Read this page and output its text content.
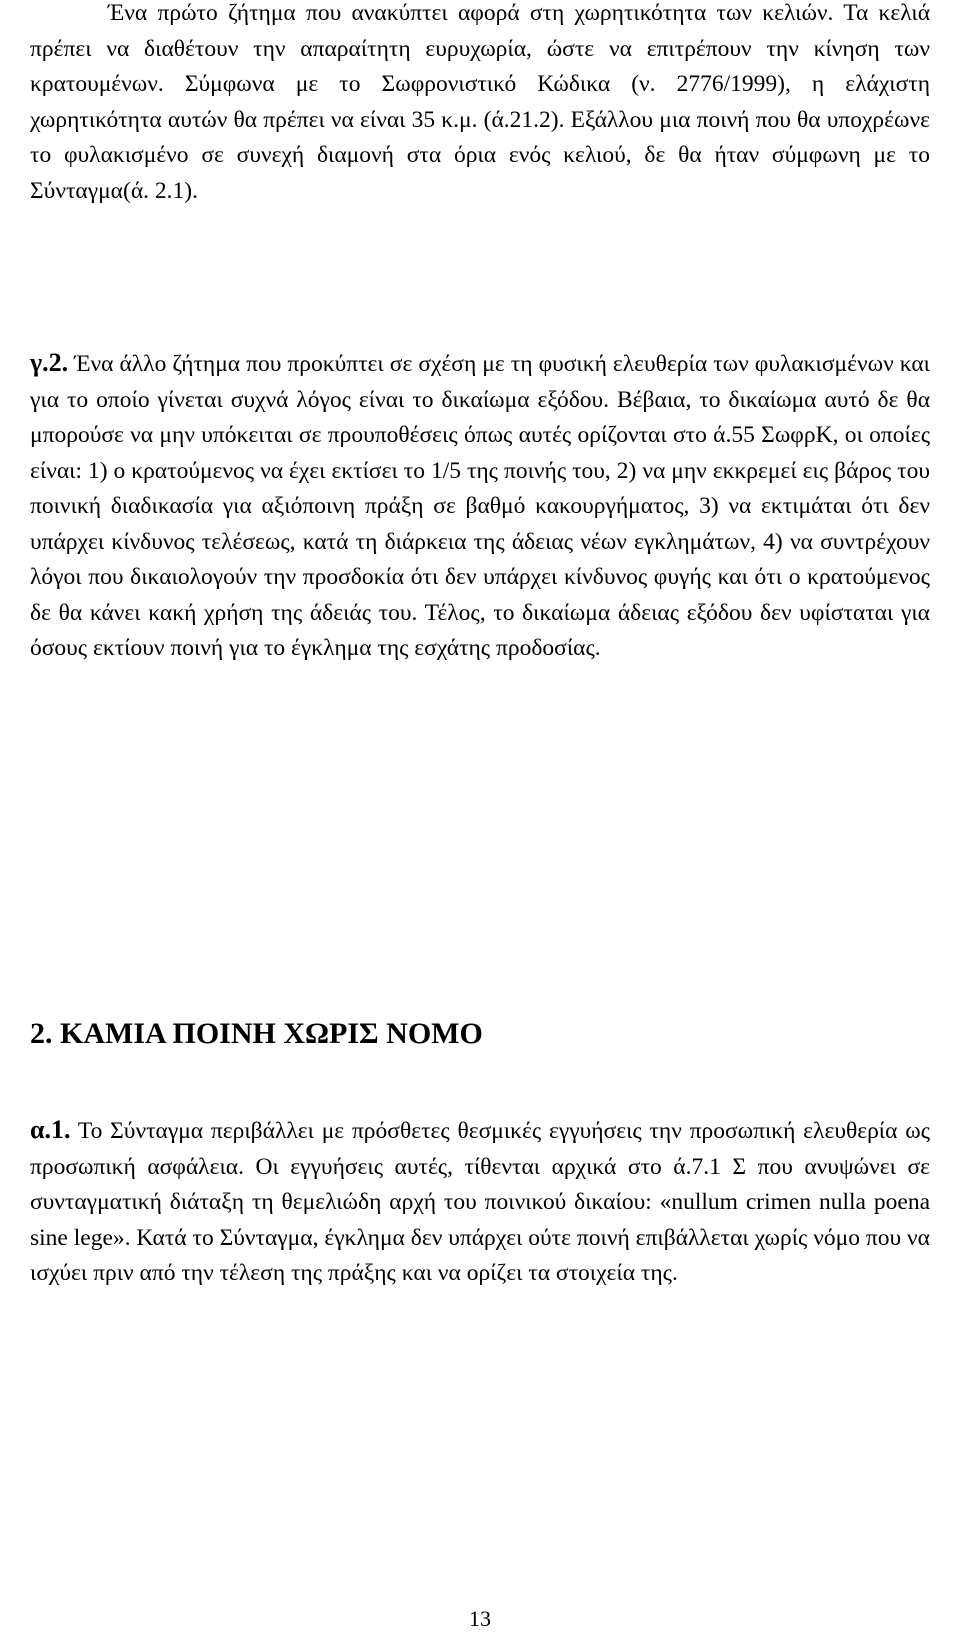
Ένα πρώτο ζήτημα που ανακύπτει αφορά στη χωρητικότητα των κελιών. Τα κελιά πρέπει να διαθέτουν την απαραίτητη ευρυχωρία, ώστε να επιτρέπουν την κίνηση των κρατουμένων. Σύμφωνα με το Σωφρονιστικό Κώδικα (ν. 2776/1999), η ελάχιστη χωρητικότητα αυτών θα πρέπει να είναι 35 κ.μ. (ά.21.2). Εξάλλου μια ποινή που θα υποχρέωνε το φυλακισμένο σε συνεχή διαμονή στα όρια ενός κελιού, δε θα ήταν σύμφωνη με το Σύνταγμα(ά. 2.1).

γ.2. Ένα άλλο ζήτημα που προκύπτει σε σχέση με τη φυσική ελευθερία των φυλακισμένων και για το οποίο γίνεται συχνά λόγος είναι το δικαίωμα εξόδου. Βέβαια, το δικαίωμα αυτό δε θα μπορούσε να μην υπόκειται σε προυποθέσεις όπως αυτές ορίζονται στο ά.55 ΣωφρΚ, οι οποίες είναι: 1) ο κρατούμενος να έχει εκτίσει το 1/5 της ποινής του, 2) να μην εκκρεμεί εις βάρος του ποινική διαδικασία για αξιόποινη πράξη σε βαθμό κακουργήματος, 3) να εκτιμάται ότι δεν υπάρχει κίνδυνος τελέσεως, κατά τη διάρκεια της άδειας νέων εγκλημάτων, 4) να συντρέχουν λόγοι που δικαιολογούν την προσδοκία ότι δεν υπάρχει κίνδυνος φυγής και ότι ο κρατούμενος δε θα κάνει κακή χρήση της άδειάς του. Τέλος, το δικαίωμα άδειας εξόδου δεν υφίσταται για όσους εκτίουν ποινή για το έγκλημα της εσχάτης προδοσίας.

2. ΚΑΜΙΑ ΠΟΙΝΗ ΧΩΡΙΣ ΝΟΜΟ

α.1. Το Σύνταγμα περιβάλλει με πρόσθετες θεσμικές εγγυήσεις την προσωπική ελευθερία ως προσωπική ασφάλεια. Οι εγγυήσεις αυτές, τίθενται αρχικά στο ά.7.1 Σ που ανυψώνει σε συνταγματική διάταξη τη θεμελιώδη αρχή του ποινικού δικαίου: «nullum crimen nulla poena sine lege». Κατά το Σύνταγμα, έγκλημα δεν υπάρχει ούτε ποινή επιβάλλεται χωρίς νόμο που να ισχύει πριν από την τέλεση της πράξης και να ορίζει τα στοιχεία της.

13
